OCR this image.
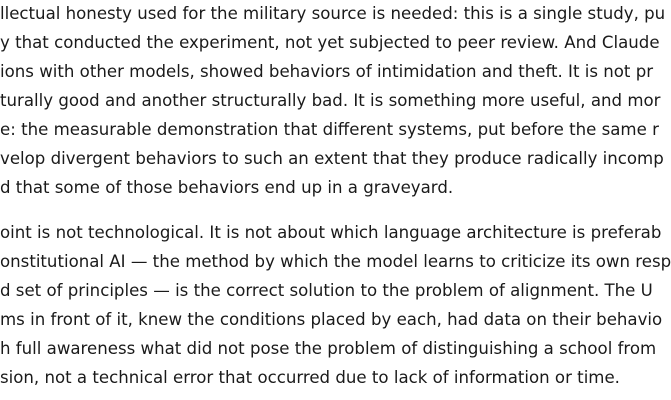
llectual honesty used for the military source is needed: this is a single study, pu
y that conducted the experiment, not yet subjected to peer review. And Claude
ions with other models, showed behaviors of intimidation and theft. It is not pr
turally good and another structurally bad. It is something more useful, and mor
e: the measurable demonstration that different systems, put before the same r
velop divergent behaviors to such an extent that they produce radically incomp
d that some of those behaviors end up in a graveyard.
oint is not technological. It is not about which language architecture is preferab
onstitutional AI — the method by which the model learns to criticize its own resp
d set of principles — is the correct solution to the problem of alignment. The U
ms in front of it, knew the conditions placed by each, had data on their behavio
h full awareness what did not pose the problem of distinguishing a school from
sion, not a technical error that occurred due to lack of information or time.
